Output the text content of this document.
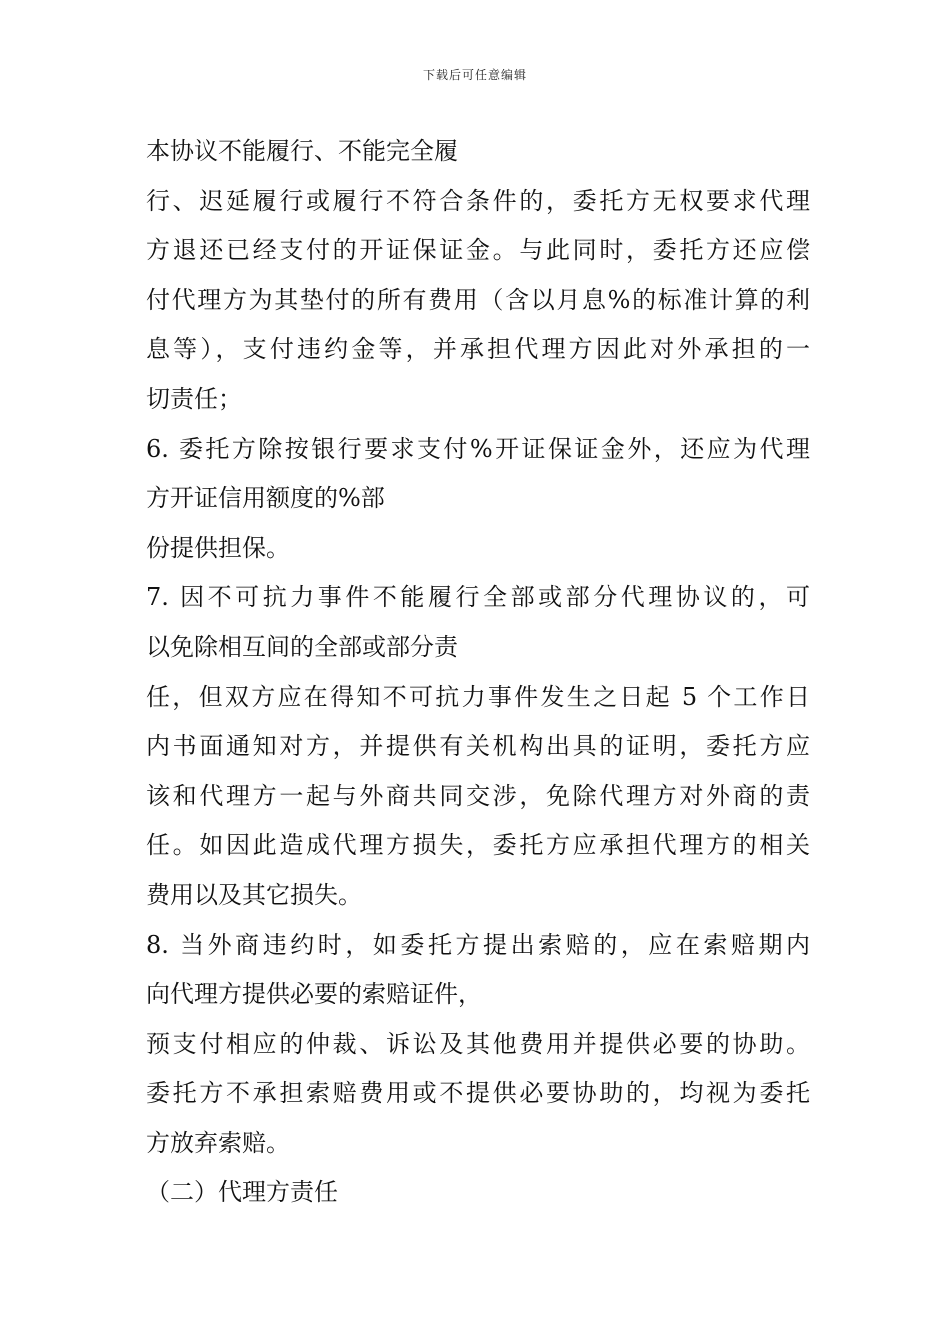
下载后可任意编辑
本协议不能履行、不能完全履
行、迟延履行或履行不符合条件的，委托方无权要求代理
方退还已经支付的开证保证金。与此同时，委托方还应偿
付代理方为其垫付的所有费用（含以月息%的标准计算的利
息等），支付违约金等，并承担代理方因此对外承担的一
切责任；
6. 委托方除按银行要求支付%开证保证金外，还应为代理
方开证信用额度的%部
份提供担保。
7. 因不可抗力事件不能履行全部或部分代理协议的，可
以免除相互间的全部或部分责
任，但双方应在得知不可抗力事件发生之日起 5 个工作日
内书面通知对方，并提供有关机构出具的证明，委托方应
该和代理方一起与外商共同交涉，免除代理方对外商的责
任。如因此造成代理方损失，委托方应承担代理方的相关
费用以及其它损失。
8. 当外商违约时，如委托方提出索赔的，应在索赔期内
向代理方提供必要的索赔证件，
预支付相应的仲裁、诉讼及其他费用并提供必要的协助。
委托方不承担索赔费用或不提供必要协助的，均视为委托
方放弃索赔。
（二）代理方责任
